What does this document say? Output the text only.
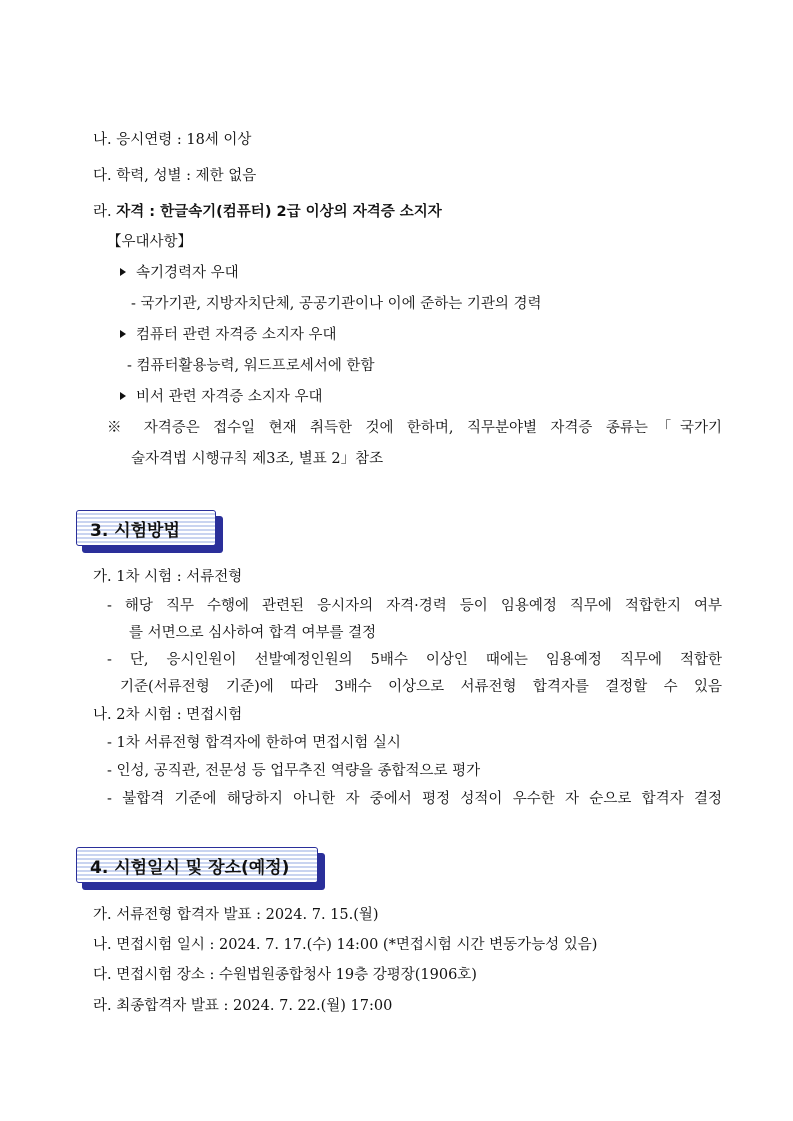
나. 응시연령 : 18세 이상
다. 학력, 성별 : 제한 없음
라. 자격 : 한글속기(컴퓨터) 2급 이상의 자격증 소지자
【우대사항】
속기경력자 우대
- 국가기관, 지방자치단체, 공공기관이나 이에 준하는 기관의 경력
컴퓨터 관련 자격증 소지자 우대
- 컴퓨터활용능력, 워드프로세서에 한함
비서 관련 자격증 소지자 우대
※ 자격증은 접수일 현재 취득한 것에 한하며, 직무분야별 자격증 종류는「국가기
술자격법 시행규칙 제3조, 별표 2」참조
3. 시험방법
가. 1차 시험 : 서류전형
- 해당 직무 수행에 관련된 응시자의 자격·경력 등이 임용예정 직무에 적합한지 여부
를 서면으로 심사하여 합격 여부를 결정
- 단, 응시인원이 선발예정인원의 5배수 이상인 때에는 임용예정 직무에 적합한
기준(서류전형 기준)에 따라 3배수 이상으로 서류전형 합격자를 결정할 수 있음
나. 2차 시험 : 면접시험
- 1차 서류전형 합격자에 한하여 면접시험 실시
- 인성, 공직관, 전문성 등 업무추진 역량을 종합적으로 평가
- 불합격 기준에 해당하지 아니한 자 중에서 평정 성적이 우수한 자 순으로 합격자 결정
4. 시험일시 및 장소(예정)
가. 서류전형 합격자 발표 : 2024. 7. 15.(월)
나. 면접시험 일시 : 2024. 7. 17.(수) 14:00 (*면접시험 시간 변동가능성 있음)
다. 면접시험 장소 : 수원법원종합청사 19층 강평장(1906호)
라. 최종합격자 발표 : 2024. 7. 22.(월) 17:00
